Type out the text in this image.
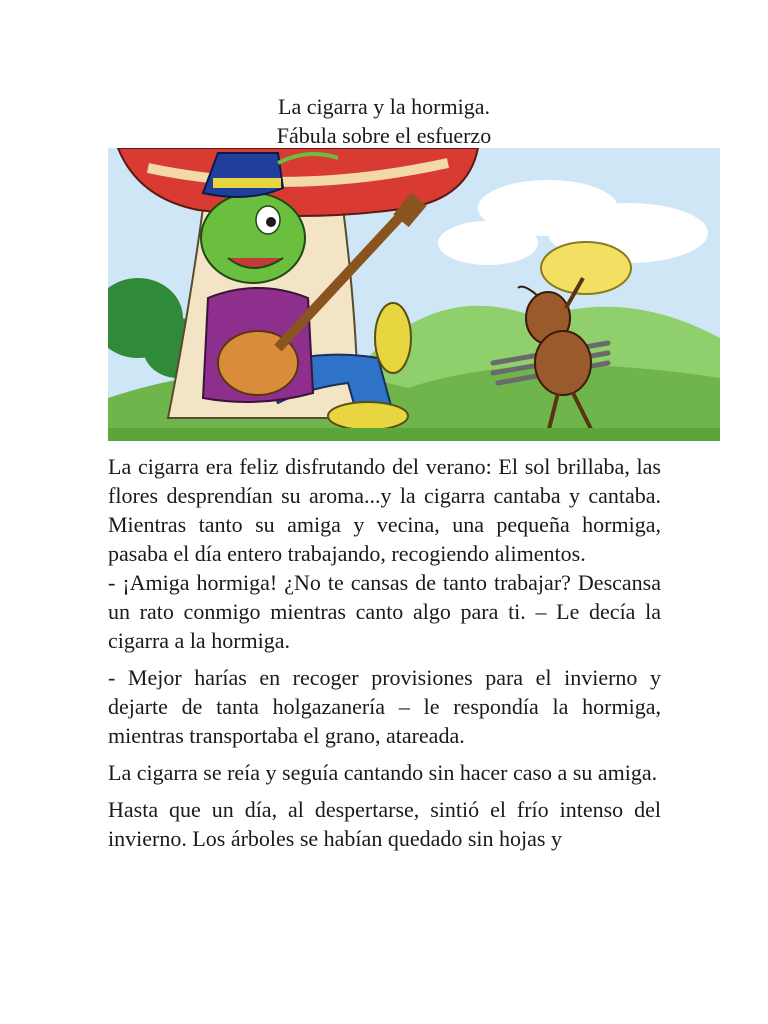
La cigarra y la hormiga.
Fábula sobre el esfuerzo

La cigarra era feliz disfrutando del verano: El sol brillaba, las flores desprendían su aroma...y la cigarra cantaba y cantaba. Mientras tanto su amiga y vecina, una pequeña hormiga, pasaba el día entero trabajando, recogiendo alimentos.

- ¡Amiga hormiga! ¿No te cansas de tanto trabajar? Descansa un rato conmigo mientras canto algo para ti. – Le decía la cigarra a la hormiga.

- Mejor harías en recoger provisiones para el invierno y dejarte de tanta holgazanería – le respondía la hormiga, mientras transportaba el grano, atareada.

La cigarra se reía y seguía cantando sin hacer caso a su amiga.

Hasta que un día, al despertarse, sintió el frío intenso del invierno. Los árboles se habían quedado sin hojas y
